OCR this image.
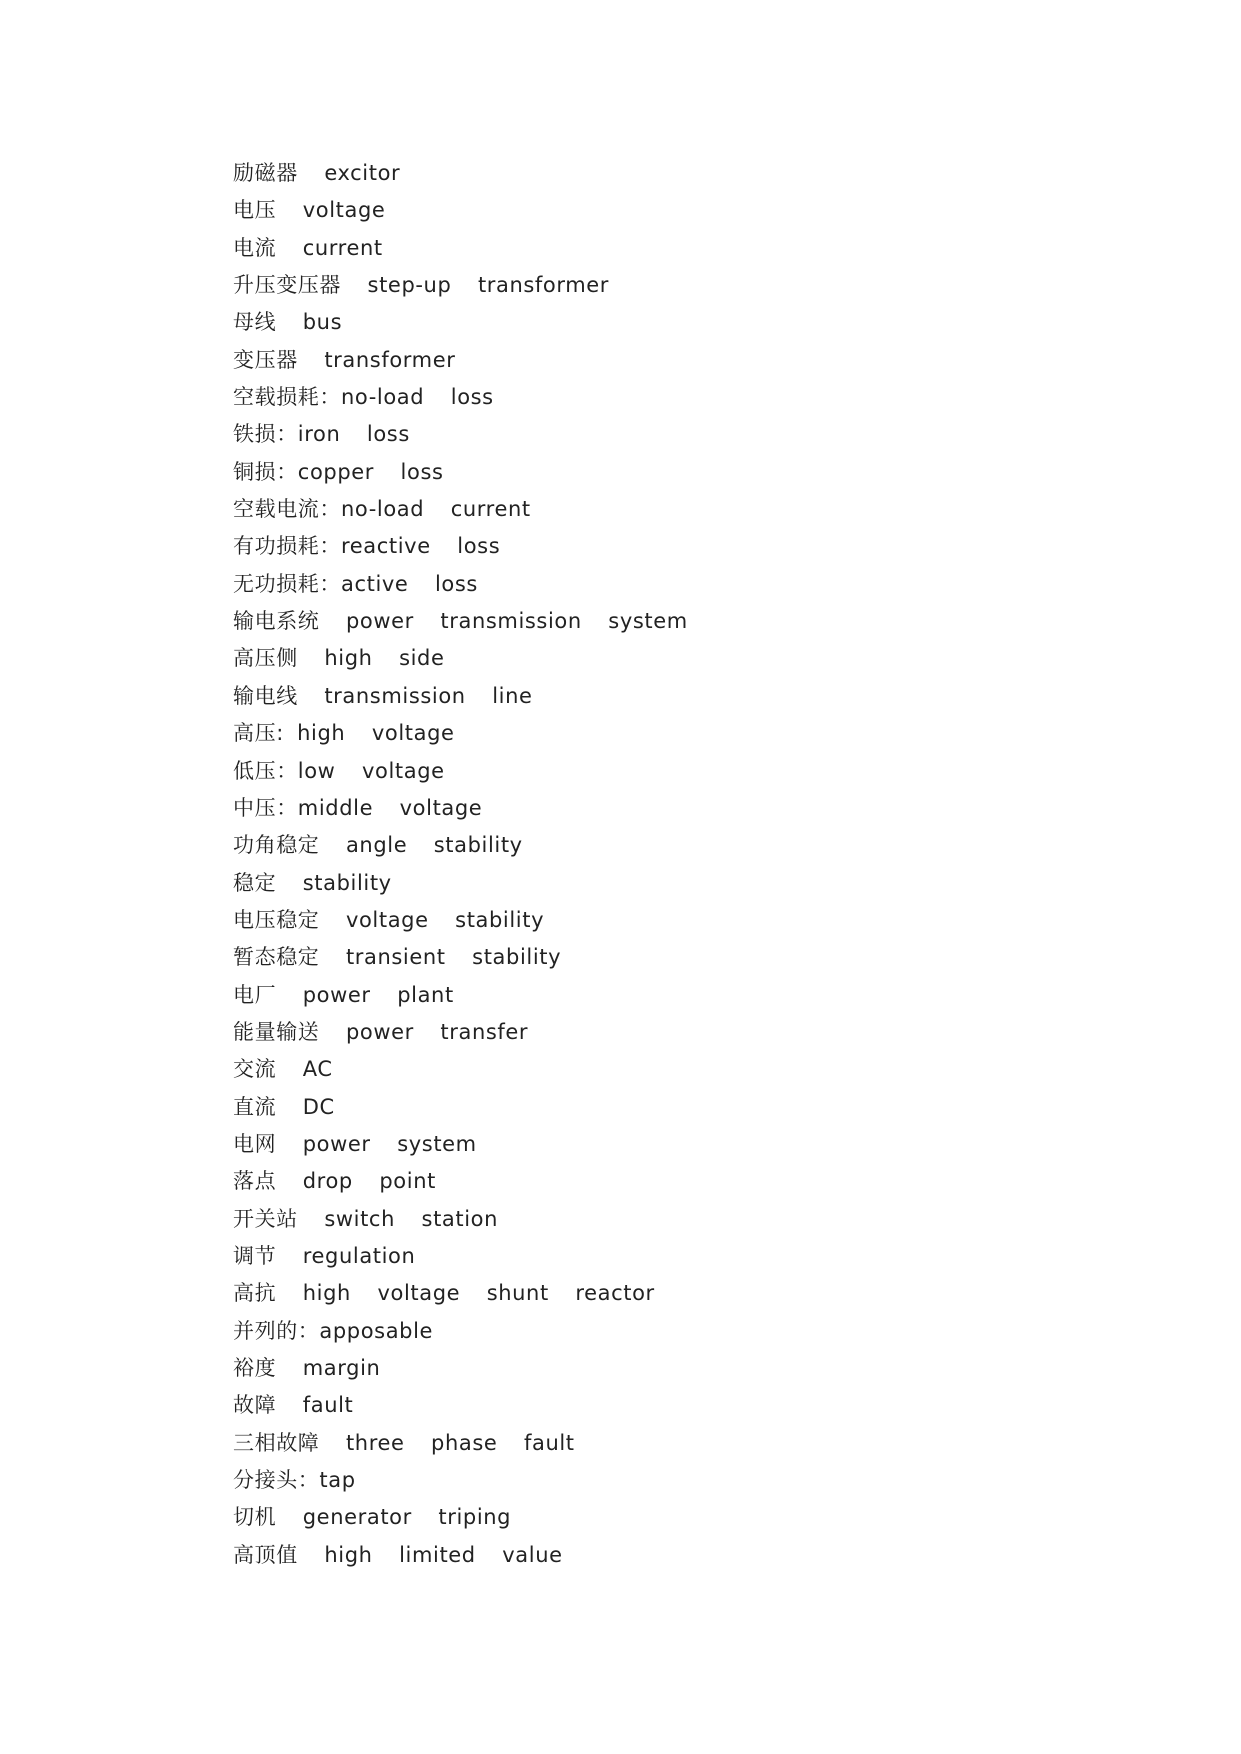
励磁器  excitor
电压  voltage
电流  current
升压变压器  step-up  transformer
母线  bus
变压器  transformer
空载损耗：no-load  loss
铁损：iron  loss
铜损：copper  loss
空载电流：no-load  current
有功损耗：reactive  loss
无功损耗：active  loss
输电系统  power  transmission  system
高压侧  high  side
输电线  transmission  line
高压: high  voltage
低压：low  voltage
中压：middle  voltage
功角稳定  angle  stability
稳定  stability
电压稳定  voltage  stability
暂态稳定  transient  stability
电厂  power  plant
能量输送  power  transfer
交流  AC
直流  DC
电网  power  system
落点  drop  point
开关站  switch  station
调节  regulation
高抗  high  voltage  shunt  reactor
并列的：apposable
裕度  margin
故障  fault
三相故障  three  phase  fault
分接头：tap
切机  generator  triping
高顶值  high  limited  value
